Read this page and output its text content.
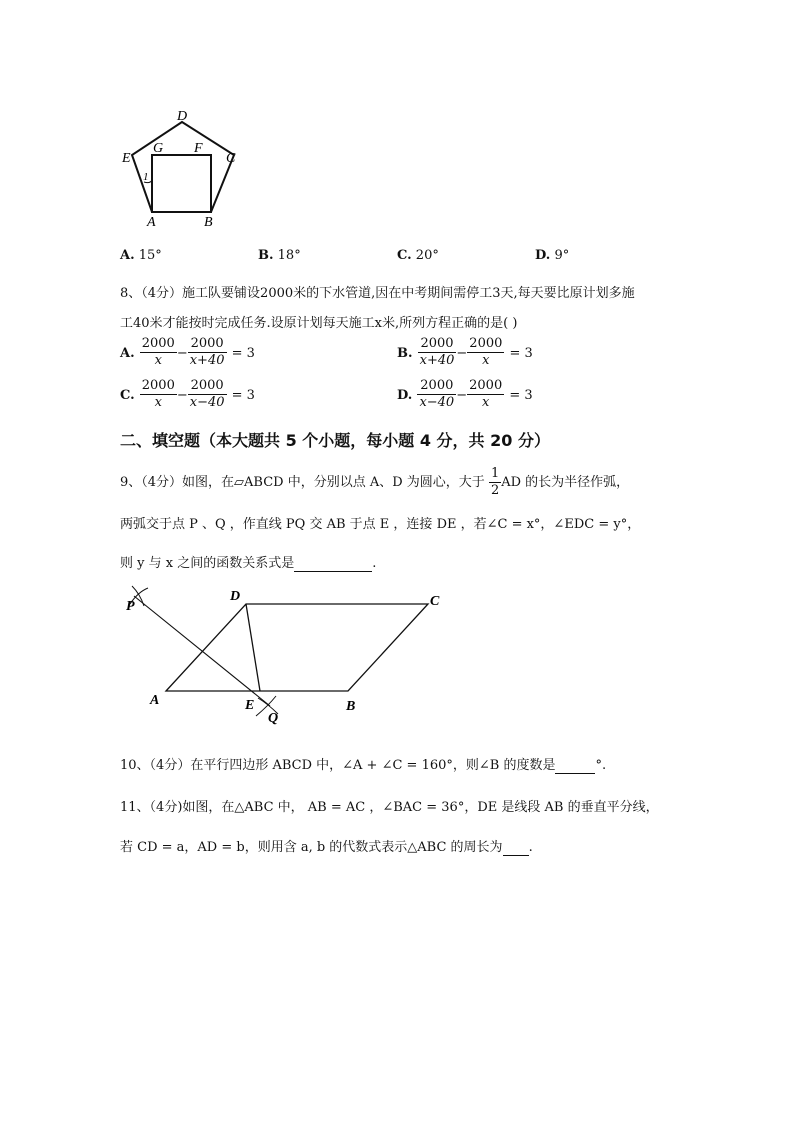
D
E
G F
C
1
A	B
A. 15°	B. 18°	C. 20°	D. 9°
8、（4分）施工队要铺设2000米的下水管道,因在中考期间需停工3天,每天要比原计划多施
工40米才能按时完成任务.设原计划每天施工x米,所列方程正确的是( )
A. $\frac{2000}{x} - \frac{2000}{x+40} = 3$	B. $\frac{2000}{x+40} - \frac{2000}{x} = 3$
C. $\frac{2000}{x} - \frac{2000}{x-40} = 3$	D. $\frac{2000}{x-40} - \frac{2000}{x} = 3$
二、填空题（本大题共 5 个小题，每小题 4 分，共 20 分）
9、（4分）如图，在▱ABCD 中，分别以点 A、D 为圆心，大于 $\frac{1}{2}$ AD 的长为半径作弧，
两弧交于点 P 、Q ，作直线 PQ 交 AB 于点 E ，连接 DE ，若∠C = x°，∠EDC = y°，
则 y 与 x 之间的函数关系式是	.
P
D	C
A	E
Q
B
10、（4分）在平行四边形 ABCD 中，∠A + ∠C = 160°，则∠B 的度数是	°.
11、（4分)如图，在△ABC 中， AB = AC ，∠BAC = 36°，DE 是线段 AB 的垂直平分线，
若 CD = a，AD = b，则用含 a, b 的代数式表示△ABC 的周长为 .
